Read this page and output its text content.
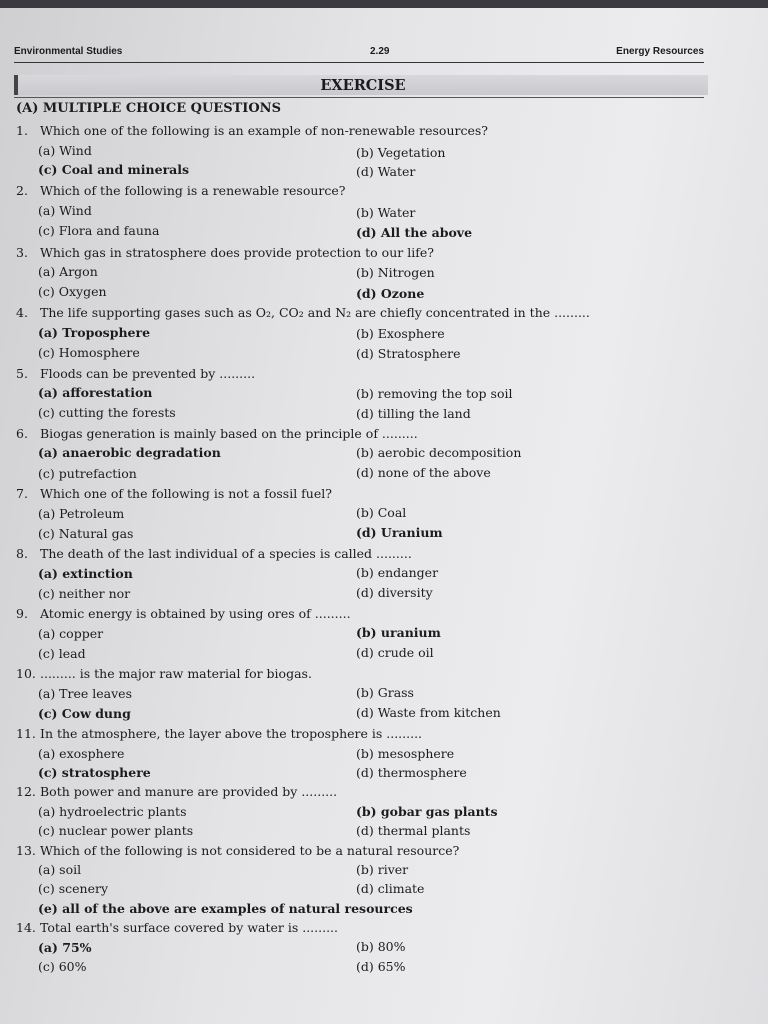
Environmental Studies	2.29	Energy Resources
EXERCISE
(A) MULTIPLE CHOICE QUESTIONS
1. Which one of the following is an example of non-renewable resources?
(a) Wind	(b) Vegetation
(c) Coal and minerals	(d) Water
2. Which of the following is a renewable resource?
(a) Wind	(b) Water
(c) Flora and fauna	(d) All the above
3. Which gas in stratosphere does provide protection to our life?
(a) Argon	(b) Nitrogen
(c) Oxygen	(d) Ozone
4. The life supporting gases such as O₂, CO₂ and N₂ are chiefly concentrated in the .........
(a) Troposphere	(b) Exosphere
(c) Homosphere	(d) Stratosphere
5. Floods can be prevented by .........
(a) afforestation	(b) removing the top soil
(c) cutting the forests	(d) tilling the land
6. Biogas generation is mainly based on the principle of .........
(a) anaerobic degradation	(b) aerobic decomposition
(c) putrefaction	(d) none of the above
7. Which one of the following is not a fossil fuel?
(a) Petroleum	(b) Coal
(c) Natural gas	(d) Uranium
8. The death of the last individual of a species is called .........
(a) extinction	(b) endanger
(c) neither nor	(d) diversity
9. Atomic energy is obtained by using ores of .........
(a) copper	(b) uranium
(c) lead	(d) crude oil
10. ......... is the major raw material for biogas.
(a) Tree leaves	(b) Grass
(c) Cow dung	(d) Waste from kitchen
11. In the atmosphere, the layer above the troposphere is .........
(a) exosphere	(b) mesosphere
(c) stratosphere	(d) thermosphere
12. Both power and manure are provided by .........
(a) hydroelectric plants	(b) gobar gas plants
(c) nuclear power plants	(d) thermal plants
13. Which of the following is not considered to be a natural resource?
(a) soil	(b) river
(c) scenery	(d) climate
(e) all of the above are examples of natural resources
14. Total earth's surface covered by water is .........
(a) 75%	(b) 80%
(c) 60%	(d) 65%
